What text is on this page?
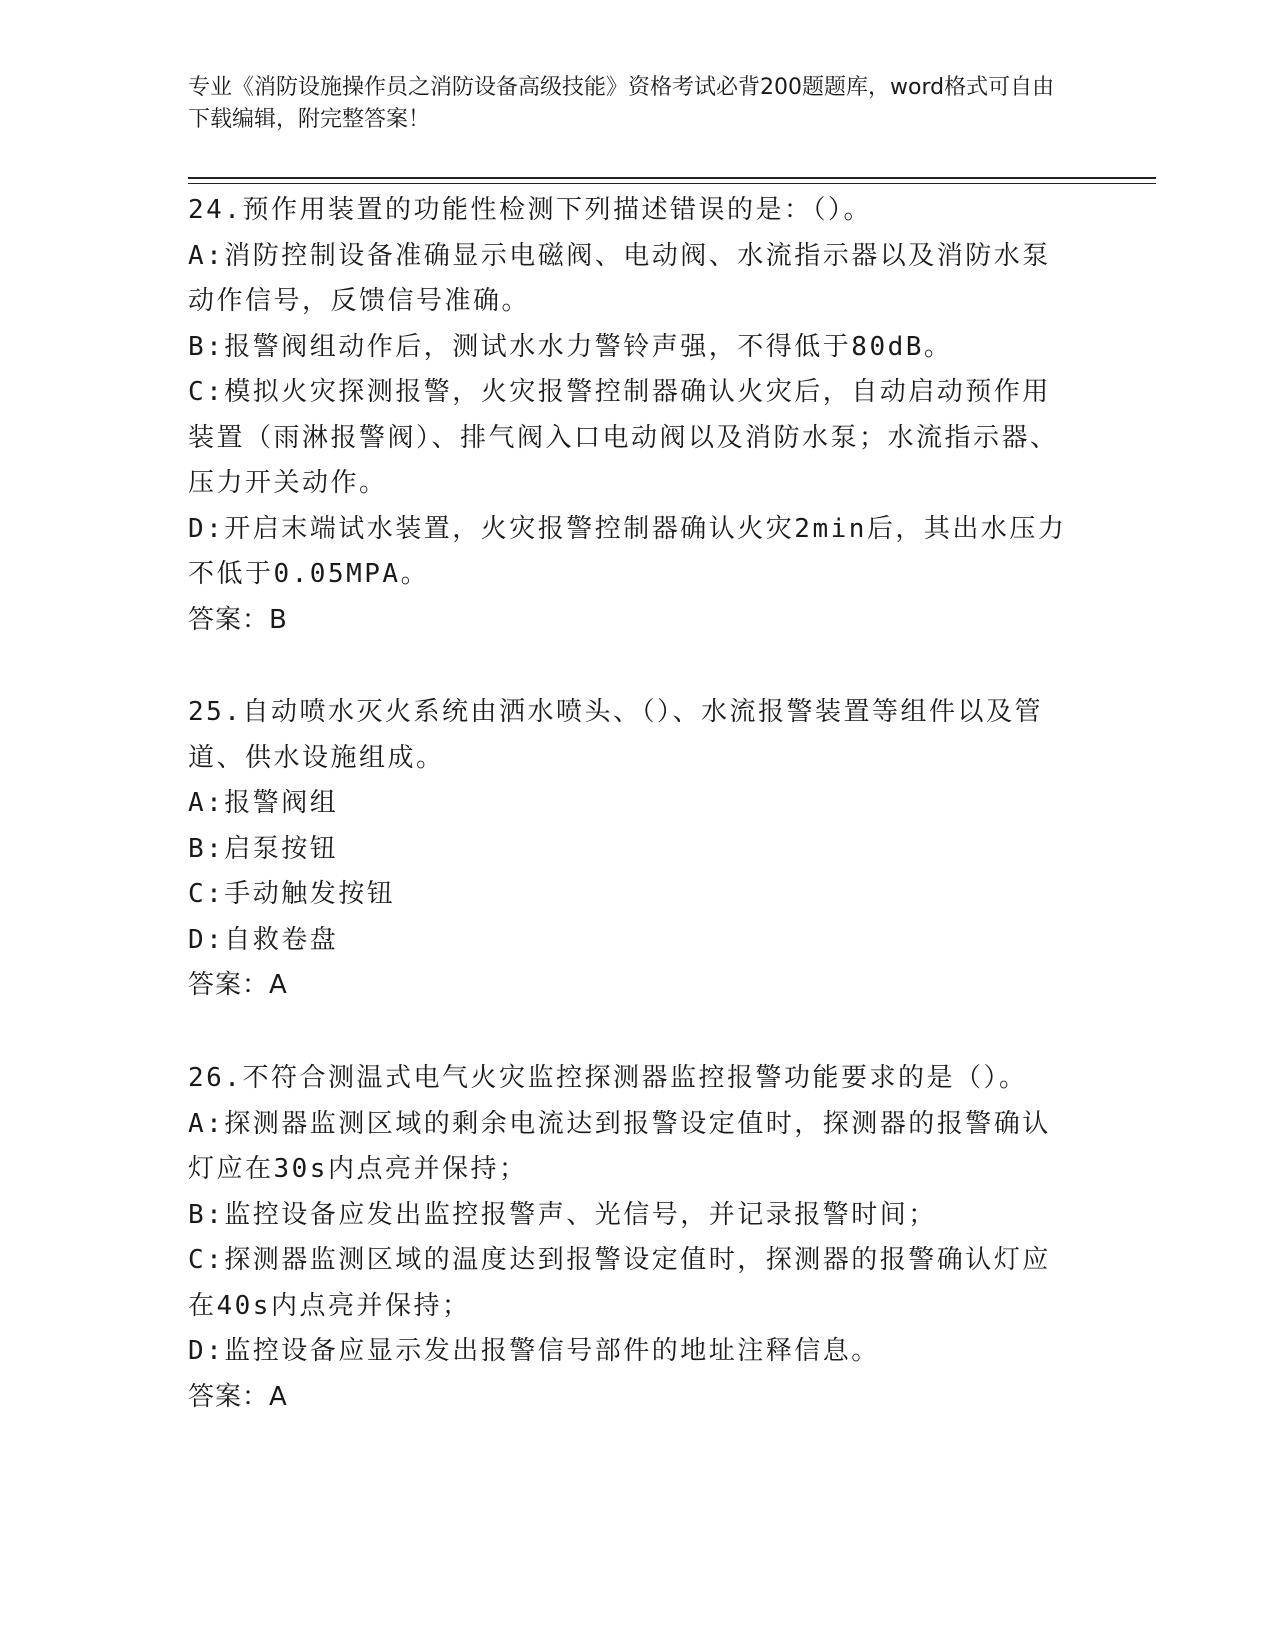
专业《消防设施操作员之消防设备高级技能》资格考试必背200题题库，word格式可自由下载编辑，附完整答案！
24.预作用装置的功能性检测下列描述错误的是：（）。
A:消防控制设备准确显示电磁阀、电动阀、水流指示器以及消防水泵动作信号，反馈信号准确。
B:报警阀组动作后，测试水水力警铃声强，不得低于80dB。
C:模拟火灾探测报警，火灾报警控制器确认火灾后，自动启动预作用装置（雨淋报警阀）、排气阀入口电动阀以及消防水泵；水流指示器、压力开关动作。
D:开启末端试水装置，火灾报警控制器确认火灾2min后，其出水压力不低于0.05MPA。
答案：B
25.自动喷水灭火系统由洒水喷头、（）、水流报警装置等组件以及管道、供水设施组成。
A:报警阀组
B:启泵按钮
C:手动触发按钮
D:自救卷盘
答案：A
26.不符合测温式电气火灾监控探测器监控报警功能要求的是（）。
A:探测器监测区域的剩余电流达到报警设定值时，探测器的报警确认灯应在30s内点亮并保持；
B:监控设备应发出监控报警声、光信号，并记录报警时间；
C:探测器监测区域的温度达到报警设定值时，探测器的报警确认灯应在40s内点亮并保持；
D:监控设备应显示发出报警信号部件的地址注释信息。
答案：A
